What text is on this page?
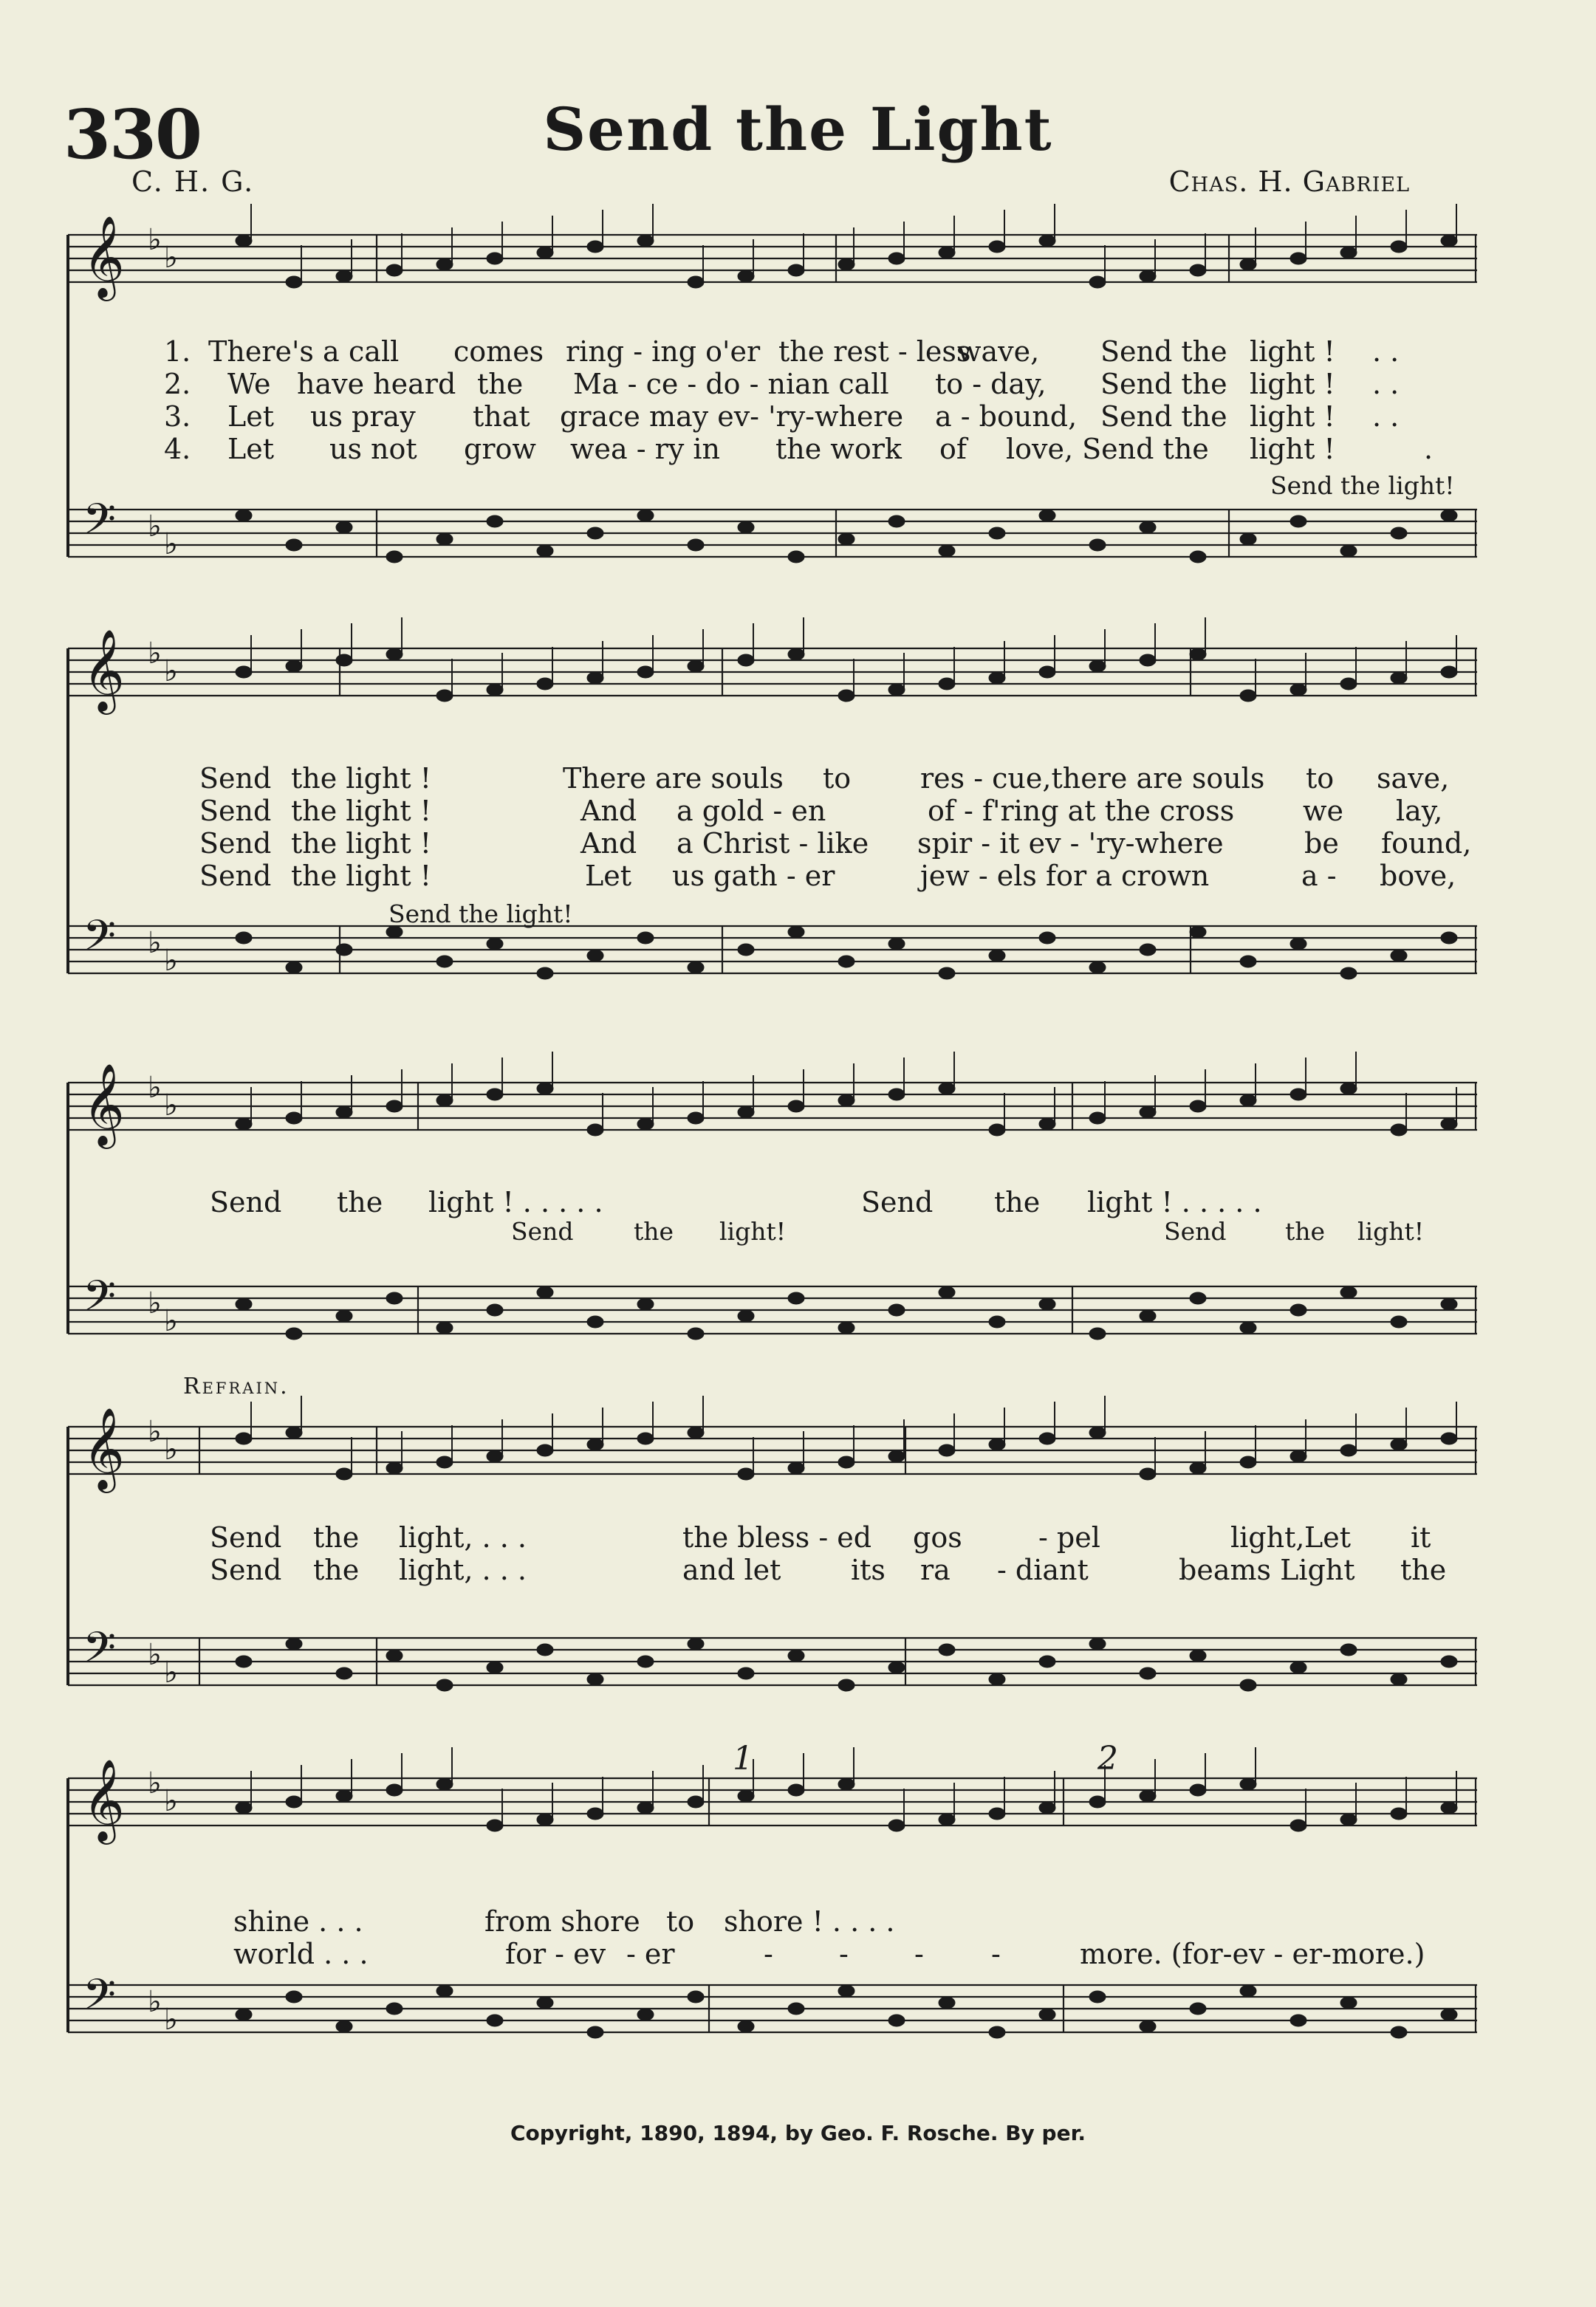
𝄞
𝄢
♭
♭
♭
♭
𝄞
𝄢
♭
♭
♭
♭
𝄞
𝄢
♭
♭
♭
♭
𝄞
𝄢
♭
♭
♭
♭
𝄞
𝄢
♭
♭
♭
♭
330	Send the Light
C. H. G.	Chas. H. Gabriel
1. There's a call comes ring - ing o'er the rest - less
wave, Send the light ! . .
2. We have heard the Ma - ce - do - nian call to - day, Send the light ! . .
3. Let us pray that grace may ev- 'ry-where a - bound, Send the light ! . .
4. Let us not grow wea - ry in the work of love, Send the light !	.
Send the light!
Send the light !	There are souls to res - cue,there are souls to save,
Send the light !	And a gold - en	of - f'ring at the cross we lay,
Send the light !	And a Christ - like spir - it ev - 'ry-where	be found,
Send the light !	Let us gath - er	jew - els for a crown	a - bove,
Send the light!
Send the light ! . . . . .	Send the light ! . . . . .
Send the light!	Send the light!
Refrain.
Send the light, . . .	the bless - ed gos	- pel	light, Let it
Send the light, . . .	and let its ra - diant	beams Light the
shine . . .	from shore to shore ! . . . .
world . . .	for - ev - er	- - - -	more. (for-ev - er-more.)
1	2
Copyright, 1890, 1894, by Geo. F. Rosche. By per.
